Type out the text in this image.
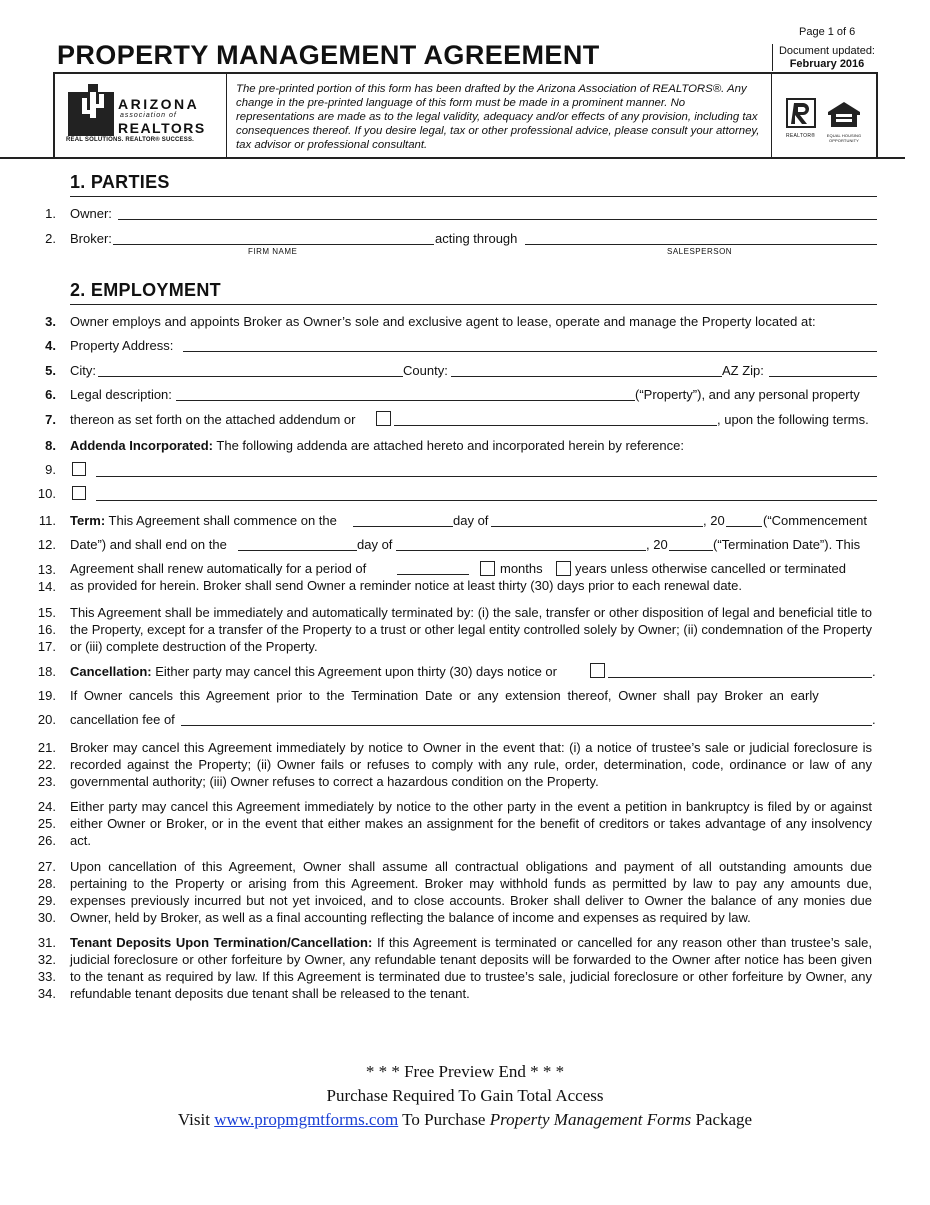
Page 1 of 6
PROPERTY MANAGEMENT AGREEMENT	Document updated:
February 2016
ARIZONA
association of
REALTORS
REAL SOLUTIONS. REALTOR® SUCCESS.
The pre-printed portion of this form has been drafted by the Arizona Association of REALTORS®. Any change in the pre-printed language of this form must be made in a prominent manner. No representations are made as to the legal validity, adequacy and/or effects of any provision, including tax consequences thereof. If you desire legal, tax or other professional advice, please consult your attorney, tax advisor or professional consultant.
REALTOR®	EQUAL HOUSING OPPORTUNITY
1. PARTIES
1. Owner:
2. Broker:	acting through
FIRM NAME	SALESPERSON
2. EMPLOYMENT
3. Owner employs and appoints Broker as Owner’s sole and exclusive agent to lease, operate and manage the Property located at:
4. Property Address:
5. City:	County:	AZ Zip:
6. Legal description:	(“Property”), and any personal property
7. thereon as set forth on the attached addendum or	, upon the following terms.
8. Addenda Incorporated: The following addenda are attached hereto and incorporated herein by reference:
9.
10.
11. Term: This Agreement shall commence on the	day of	, 20	(“Commencement
12. Date”) and shall end on the	day of	, 20	(“Termination Date”). This
13.
14.
Agreement shall renew automatically for a period of	months years unless otherwise cancelled or terminated
as provided for herein. Broker shall send Owner a reminder notice at least thirty (30) days prior to each renewal date.
15.
16.
17.
This Agreement shall be immediately and automatically terminated by: (i) the sale, transfer or other disposition of legal and beneficial title to the Property, except for a transfer of the Property to a trust or other legal entity controlled solely by Owner; (ii) condemnation of the Property or (iii) complete destruction of the Property.
18. Cancellation: Either party may cancel this Agreement upon thirty (30) days notice or	.
19. If Owner cancels this Agreement prior to the Termination Date or any extension thereof, Owner shall pay Broker an early
20. cancellation fee of	.
21.
22.
23.
Broker may cancel this Agreement immediately by notice to Owner in the event that: (i) a notice of trustee’s sale or judicial foreclosure is recorded against the Property; (ii) Owner fails or refuses to comply with any rule, order, determination, code, ordinance or law of any governmental authority; (iii) Owner refuses to correct a hazardous condition on the Property.
24.
25.
26.
Either party may cancel this Agreement immediately by notice to the other party in the event a petition in bankruptcy is filed by or against either Owner or Broker, or in the event that either makes an assignment for the benefit of creditors or takes advantage of any insolvency act.
27.
28.
29.
30.
Upon cancellation of this Agreement, Owner shall assume all contractual obligations and payment of all outstanding amounts due pertaining to the Property or arising from this Agreement. Broker may withhold funds as permitted by law to pay any amounts due, expenses previously incurred but not yet invoiced, and to close accounts. Broker shall deliver to Owner the balance of any monies due Owner, held by Broker, as well as a final accounting reflecting the balance of income and expenses as required by law.
31.
32.
33.
34.
Tenant Deposits Upon Termination/Cancellation: If this Agreement is terminated or cancelled for any reason other than trustee’s sale, judicial foreclosure or other forfeiture by Owner, any refundable tenant deposits will be forwarded to the Owner after notice has been given to the tenant as required by law. If this Agreement is terminated due to trustee’s sale, judicial foreclosure or other forfeiture by Owner, any refundable tenant deposits due tenant shall be released to the tenant.
* * * Free Preview End * * *
Purchase Required To Gain Total Access
Visit www.propmgmtforms.com To Purchase Property Management Forms Package
